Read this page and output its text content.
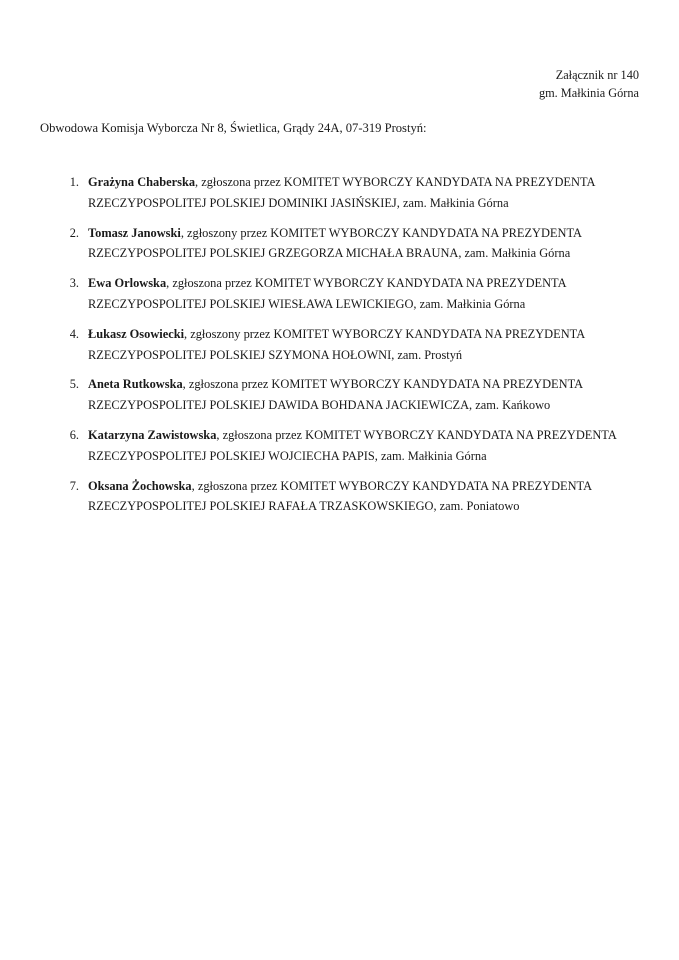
Załącznik nr 140
gm. Małkinia Górna
Obwodowa Komisja Wyborcza Nr 8, Świetlica, Grądy 24A, 07-319 Prostyń:
1. Grażyna Chaberska, zgłoszona przez KOMITET WYBORCZY KANDYDATA NA PREZYDENTA RZECZYPOSPOLITEJ POLSKIEJ DOMINIKI JASIŃSKIEJ, zam. Małkinia Górna
2. Tomasz Janowski, zgłoszony przez KOMITET WYBORCZY KANDYDATA NA PREZYDENTA RZECZYPOSPOLITEJ POLSKIEJ GRZEGORZA MICHAŁA BRAUNA, zam. Małkinia Górna
3. Ewa Orlowska, zgłoszona przez KOMITET WYBORCZY KANDYDATA NA PREZYDENTA RZECZYPOSPOLITEJ POLSKIEJ WIESŁAWA LEWICKIEGO, zam. Małkinia Górna
4. Łukasz Osowiecki, zgłoszony przez KOMITET WYBORCZY KANDYDATA NA PREZYDENTA RZECZYPOSPOLITEJ POLSKIEJ SZYMONA HOŁOWNI, zam. Prostyń
5. Aneta Rutkowska, zgłoszona przez KOMITET WYBORCZY KANDYDATA NA PREZYDENTA RZECZYPOSPOLITEJ POLSKIEJ DAWIDA BOHDANA JACKIEWICZA, zam. Kańkowo
6. Katarzyna Zawistowska, zgłoszona przez KOMITET WYBORCZY KANDYDATA NA PREZYDENTA RZECZYPOSPOLITEJ POLSKIEJ WOJCIECHA PAPIS, zam. Małkinia Górna
7. Oksana Żochowska, zgłoszona przez KOMITET WYBORCZY KANDYDATA NA PREZYDENTA RZECZYPOSPOLITEJ POLSKIEJ RAFAŁA TRZASKOWSKIEGO, zam. Poniatowo
